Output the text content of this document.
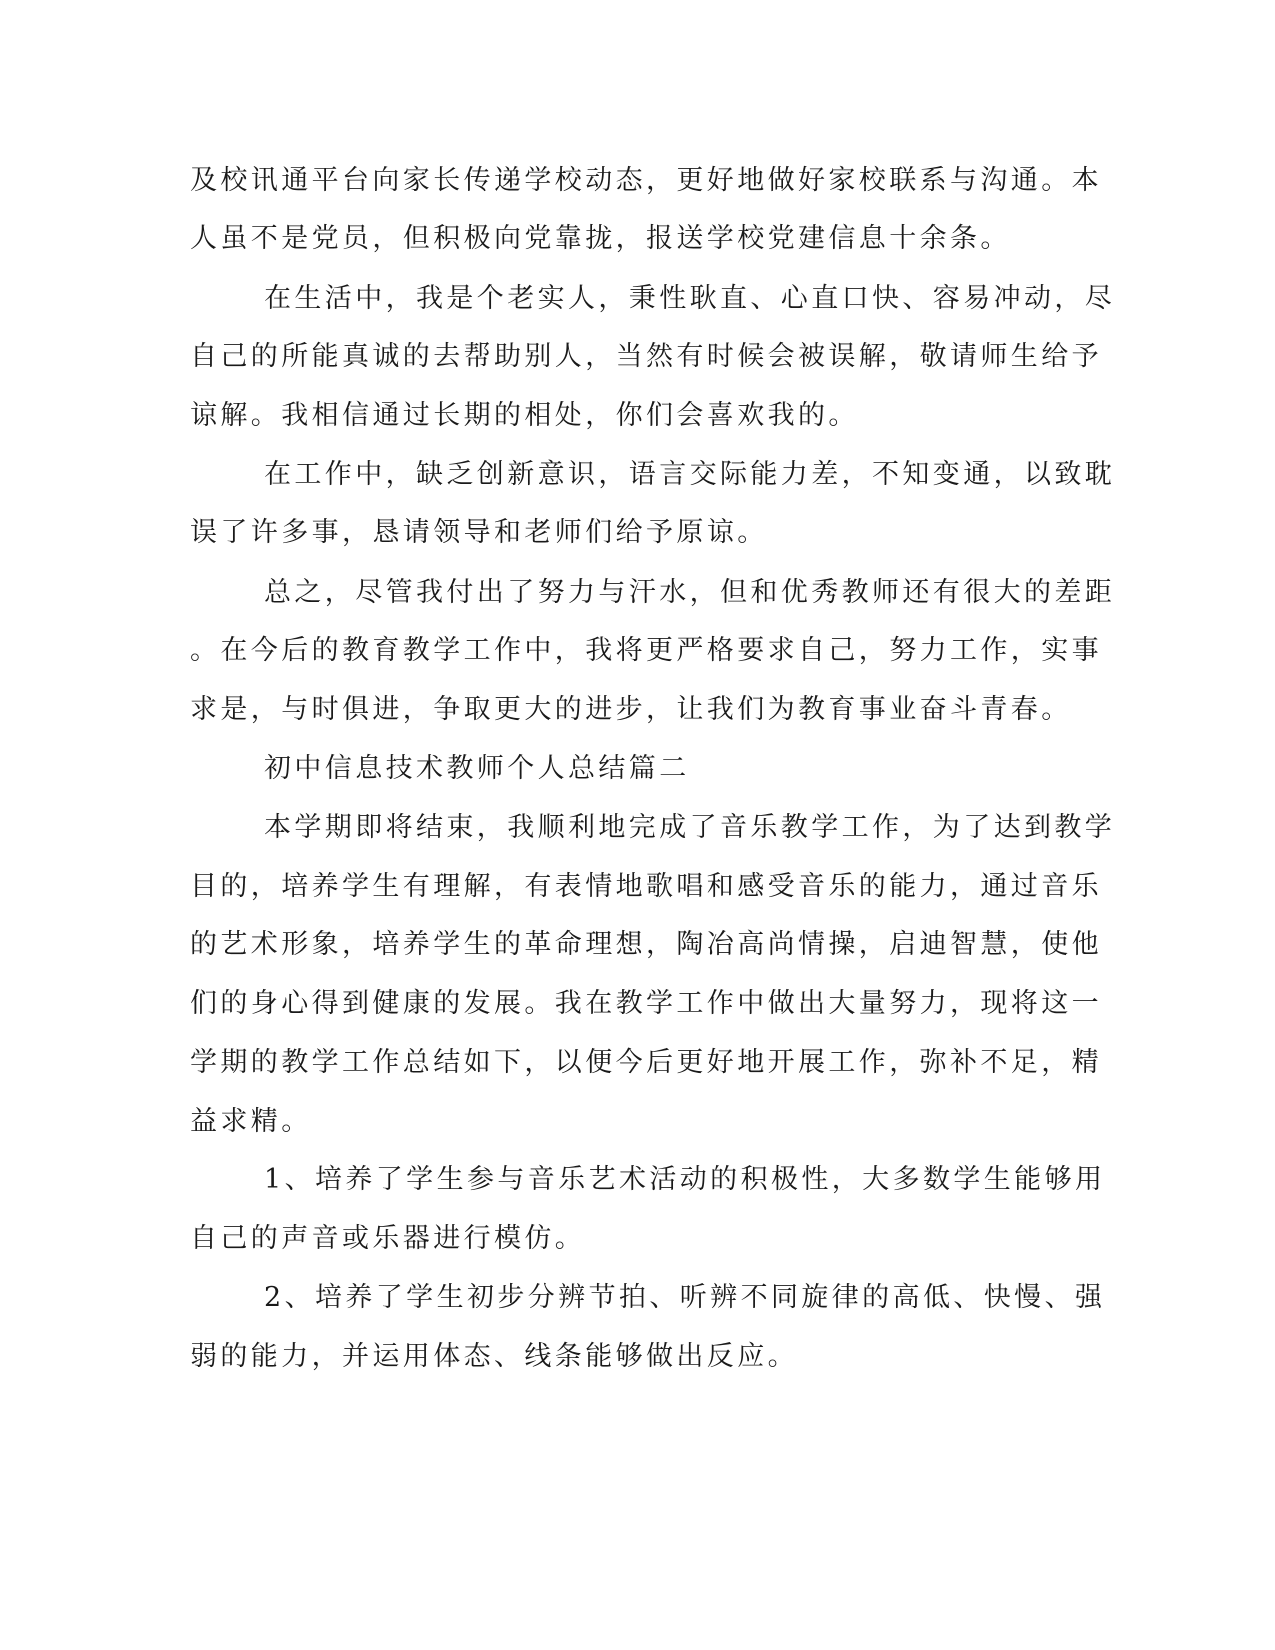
及校讯通平台向家长传递学校动态，更好地做好家校联系与沟通。本
人虽不是党员，但积极向党靠拢，报送学校党建信息十余条。
在生活中，我是个老实人，秉性耿直、心直口快、容易冲动，尽
自己的所能真诚的去帮助别人，当然有时候会被误解，敬请师生给予
谅解。我相信通过长期的相处，你们会喜欢我的。
在工作中，缺乏创新意识，语言交际能力差，不知变通，以致耽
误了许多事，恳请领导和老师们给予原谅。
总之，尽管我付出了努力与汗水，但和优秀教师还有很大的差距
。在今后的教育教学工作中，我将更严格要求自己，努力工作，实事
求是，与时俱进，争取更大的进步，让我们为教育事业奋斗青春。
初中信息技术教师个人总结篇二
本学期即将结束，我顺利地完成了音乐教学工作，为了达到教学
目的，培养学生有理解，有表情地歌唱和感受音乐的能力，通过音乐
的艺术形象，培养学生的革命理想，陶冶高尚情操，启迪智慧，使他
们的身心得到健康的发展。我在教学工作中做出大量努力，现将这一
学期的教学工作总结如下，以便今后更好地开展工作，弥补不足，精
益求精。
1、培养了学生参与音乐艺术活动的积极性，大多数学生能够用
自己的声音或乐器进行模仿。
2、培养了学生初步分辨节拍、听辨不同旋律的高低、快慢、强
弱的能力，并运用体态、线条能够做出反应。
